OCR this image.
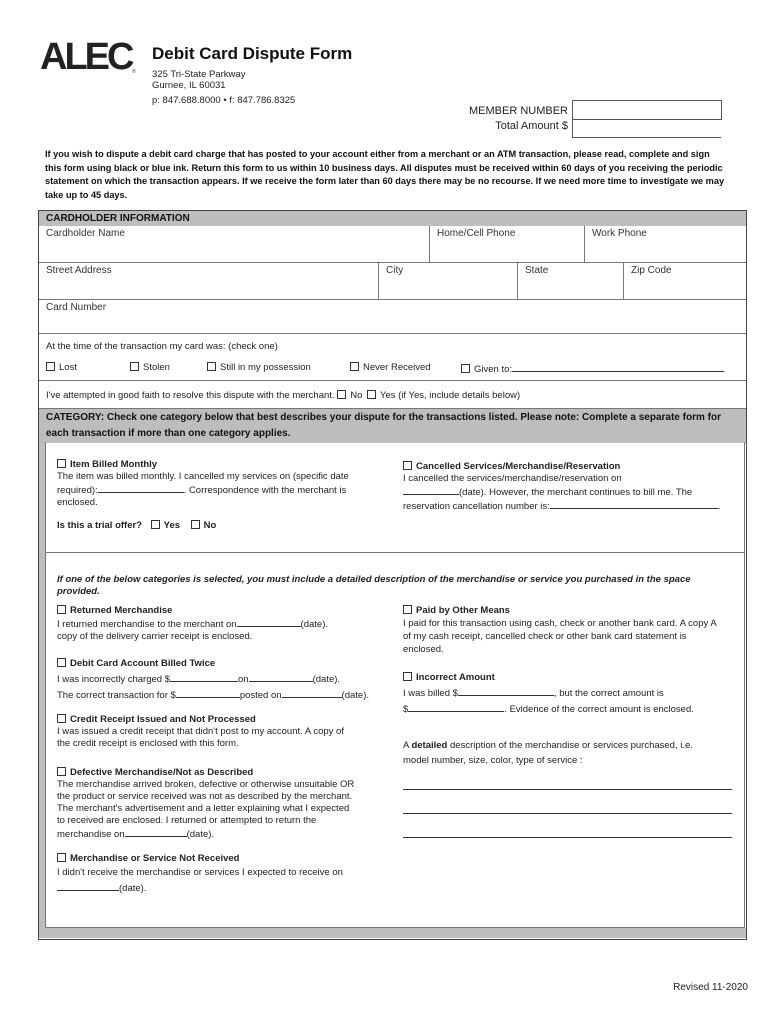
ALEC ®
Debit Card Dispute Form
325 Tri-State Parkway
Gurnee, IL 60031
p: 847.688.8000 • f: 847.786.8325
MEMBER NUMBER
Total Amount $
If you wish to dispute a debit card charge that has posted to your account either from a merchant or an ATM transaction, please read, complete and sign this form using black or blue ink. Return this form to us within 10 business days. All disputes must be received within 60 days of you receiving the periodic statement on which the transaction appears. If we receive the form later than 60 days there may be no recourse. If we need more time to investigate we may take up to 45 days.
CARDHOLDER INFORMATION
Cardholder Name	Home/Cell Phone	Work Phone
Street Address	City	State	Zip Code
Card Number
At the time of the transaction my card was: (check one)
Lost	Stolen	Still in my possession	Never Received	Given to:
I've attempted in good faith to resolve this dispute with the merchant. No Yes (if Yes, include details below)
CATEGORY: Check one category below that best describes your dispute for the transactions listed. Please note: Complete a separate form for each transaction if more than one category applies.
Item Billed Monthly
The item was billed monthly. I cancelled my services on (specific date
required):	. Correspondence with the merchant is
enclosed.
Is this a trial offer? Yes No
Cancelled Services/Merchandise/Reservation
I cancelled the services/merchandise/reservation on
(date). However, the merchant continues to bill me. The
reservation cancellation number is:	.
If one of the below categories is selected, you must include a detailed description of the merchandise or service you purchased in the space provided.
Returned Merchandise
I returned merchandise to the merchant on	(date).
copy of the delivery carrier receipt is enclosed.
Debit Card Account Billed Twice
I was incorrectly charged $	on	(date).
The correct transaction for $	posted on	(date).
Credit Receipt Issued and Not Processed
I was issued a credit receipt that didn't post to my account. A copy of
the credit receipt is enclosed with this form.
Defective Merchandise/Not as Described
The merchandise arrived broken, defective or otherwise unsuitable OR
the product or service received was not as described by the merchant.
The merchant's advertisement and a letter explaining what I expected
to received are enclosed. I returned or attempted to return the
merchandise on	(date).
Merchandise or Service Not Received
I didn't receive the merchandise or services I expected to receive on
(date).
Paid by Other Means
I paid for this transaction using cash, check or another bank card. A copy A
of my cash receipt, cancelled check or other bank card statement is
enclosed.
Incorrect Amount
I was billed $	, but the correct amount is
$	. Evidence of the correct amount is enclosed.
A detailed description of the merchandise or services purchased, i.e.
model number, size, color, type of service :
Revised 11-2020
